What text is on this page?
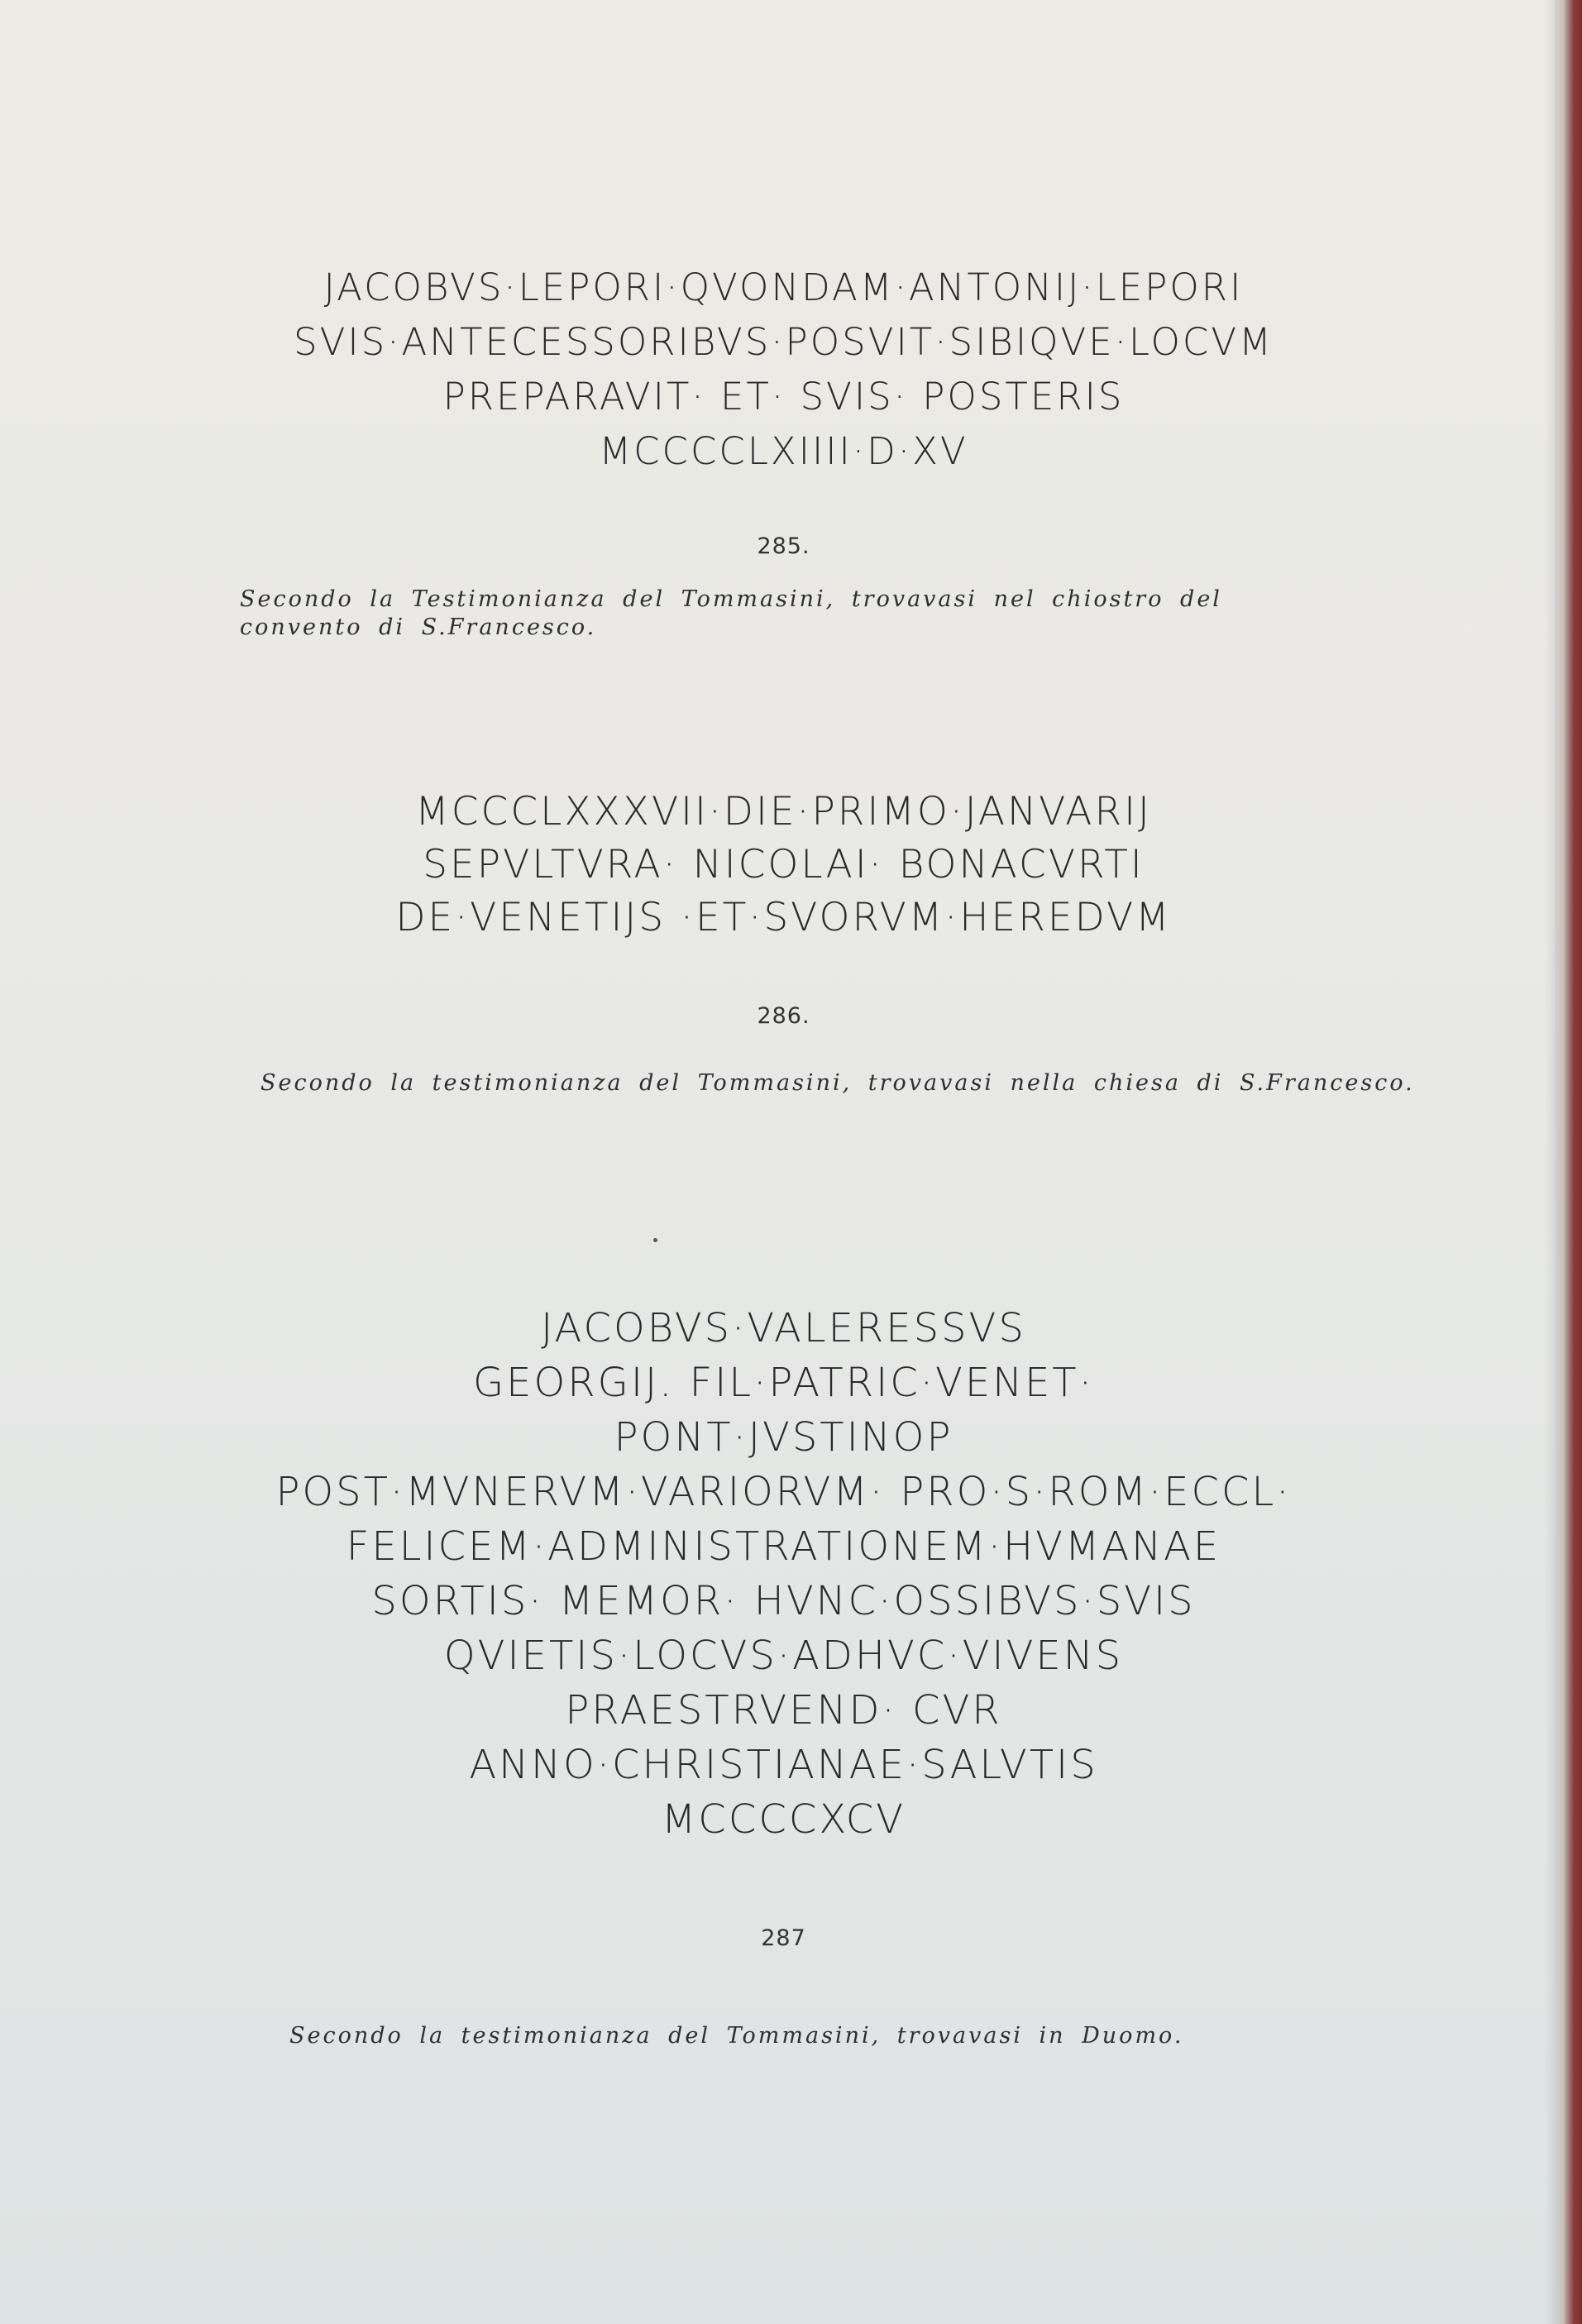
JACOBVS·LEPORI·QVONDAM·ANTONIJ·LEPORI
SVIS·ANTECESSORIBVS·POSVIT·SIBIQVE·LOCVM
PREPARAVIT· ET· SVIS· POSTERIS
MCCCCLXIIII·D·XV
285.

Secondo la Testimonianza del Tommasini, trovavasi nel chiostro del convento di S.Francesco.

MCCCLXXXVII·DIE·PRIMO·JANVARIJ
SEPVLTVRA· NICOLAI· BONACVRTI
DE·VENETIJS ·ET·SVORVM·HEREDVM
286.

Secondo la testimonianza del Tommasini, trovavasi nella chiesa di S.Francesco.

JACOBVS·VALERESSVS
GEORGIJ. FIL·PATRIC·VENET·
PONT·JVSTINOP
POST·MVNERVM·VARIORVM· PRO·S·ROM·ECCL·
FELICEM·ADMINISTRATIONEM·HVMANAE
SORTIS· MEMOR· HVNC·OSSIBVS·SVIS
QVIETIS·LOCVS·ADHVC·VIVENS
PRAESTRVEND· CVR
ANNO·CHRISTIANAE·SALVTIS
MCCCCXCV
287

Secondo la testimonianza del Tommasini, trovavasi in Duomo.
